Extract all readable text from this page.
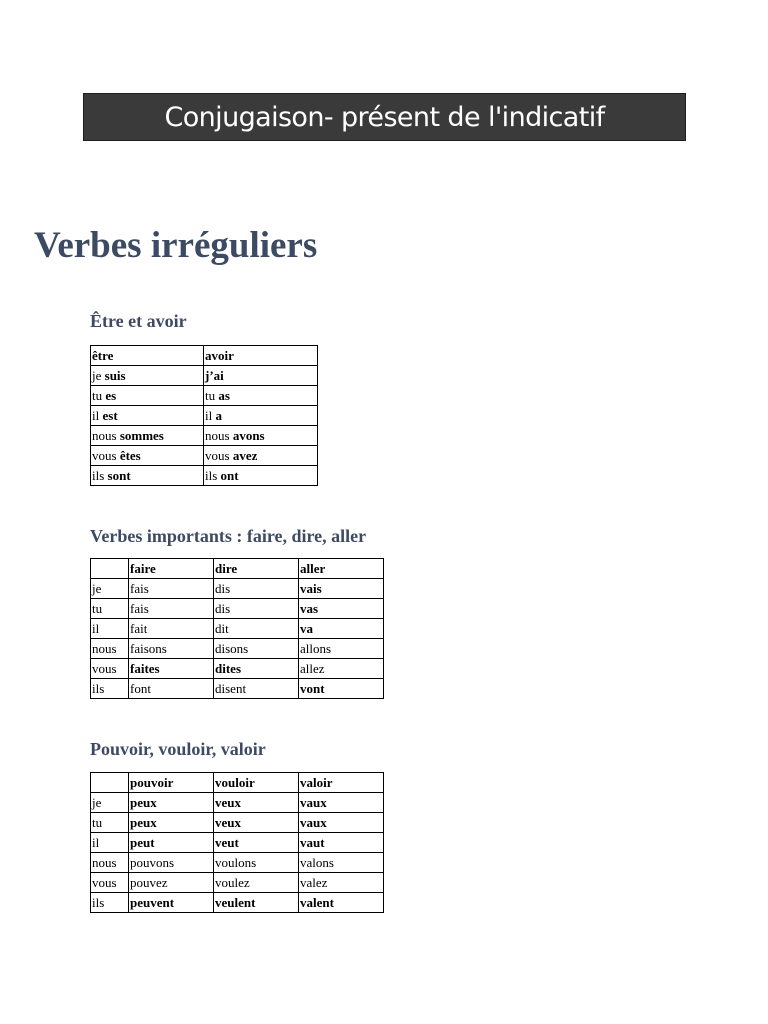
Conjugaison- présent de l'indicatif
Verbes irréguliers
Être et avoir
être	avoir
je suis	j’ai
tu es	tu as
il est	il a
nous sommes	nous avons
vous êtes	vous avez
ils sont	ils ont
Verbes importants : faire, dire, aller
	faire	dire	aller
je	fais	dis	vais
tu	fais	dis	vas
il	fait	dit	va
nous	faisons	disons	allons
vous	faites	dites	allez
ils	font	disent	vont
Pouvoir, vouloir, valoir
	pouvoir	vouloir	valoir
je	peux	veux	vaux
tu	peux	veux	vaux
il	peut	veut	vaut
nous	pouvons	voulons	valons
vous	pouvez	voulez	valez
ils	peuvent	veulent	valent
